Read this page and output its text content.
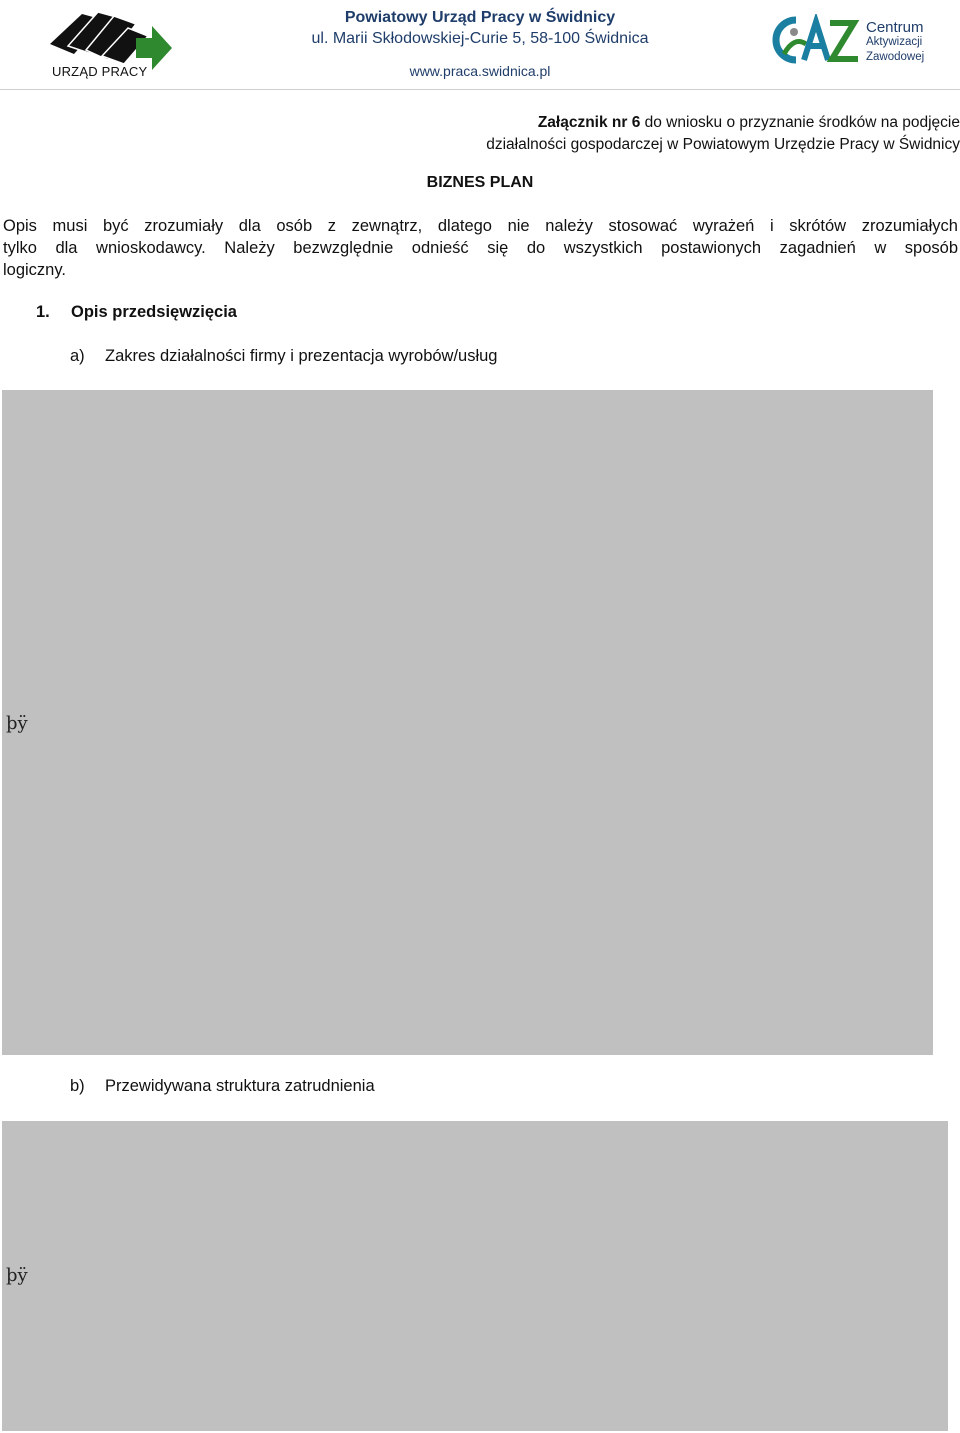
URZĄD PRACY
Powiatowy Urząd Pracy w Świdnicy
ul. Marii Skłodowskiej-Curie 5, 58-100 Świdnica
www.praca.swidnica.pl
Centrum
Aktywizacji
Zawodowej
Załącznik nr 6 do wniosku o przyznanie środków na podjęcie
działalności gospodarczej w Powiatowym Urzędzie Pracy w Świdnicy
BIZNES PLAN
Opis musi być zrozumiały dla osób z zewnątrz, dlatego nie należy stosować wyrażeń i skrótów zrozumiałych
tylko dla wnioskodawcy. Należy bezwzględnie odnieść się do wszystkich postawionych zagadnień w sposób
logiczny.
1. Opis przedsięwzięcia
a) Zakres działalności firmy i prezentacja wyrobów/usług
þÿ
b) Przewidywana struktura zatrudnienia
þÿ
